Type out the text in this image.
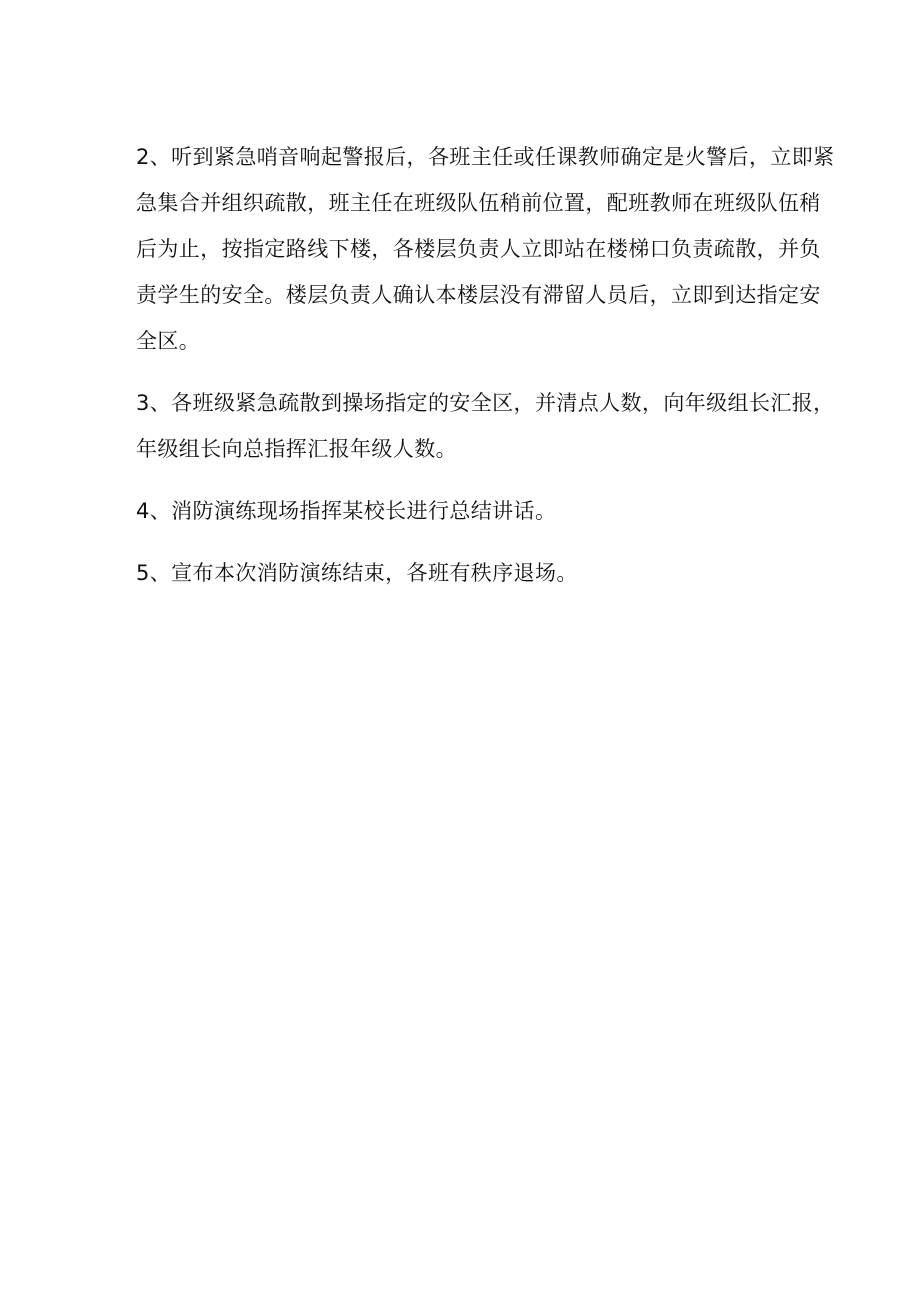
2、听到紧急哨音响起警报后，各班主任或任课教师确定是火警后，立即紧
急集合并组织疏散，班主任在班级队伍稍前位置，配班教师在班级队伍稍
后为止，按指定路线下楼，各楼层负责人立即站在楼梯口负责疏散，并负
责学生的安全。楼层负责人确认本楼层没有滞留人员后，立即到达指定安
全区。

3、各班级紧急疏散到操场指定的安全区，并清点人数，向年级组长汇报，
年级组长向总指挥汇报年级人数。

4、消防演练现场指挥某校长进行总结讲话。

5、宣布本次消防演练结束，各班有秩序退场。
